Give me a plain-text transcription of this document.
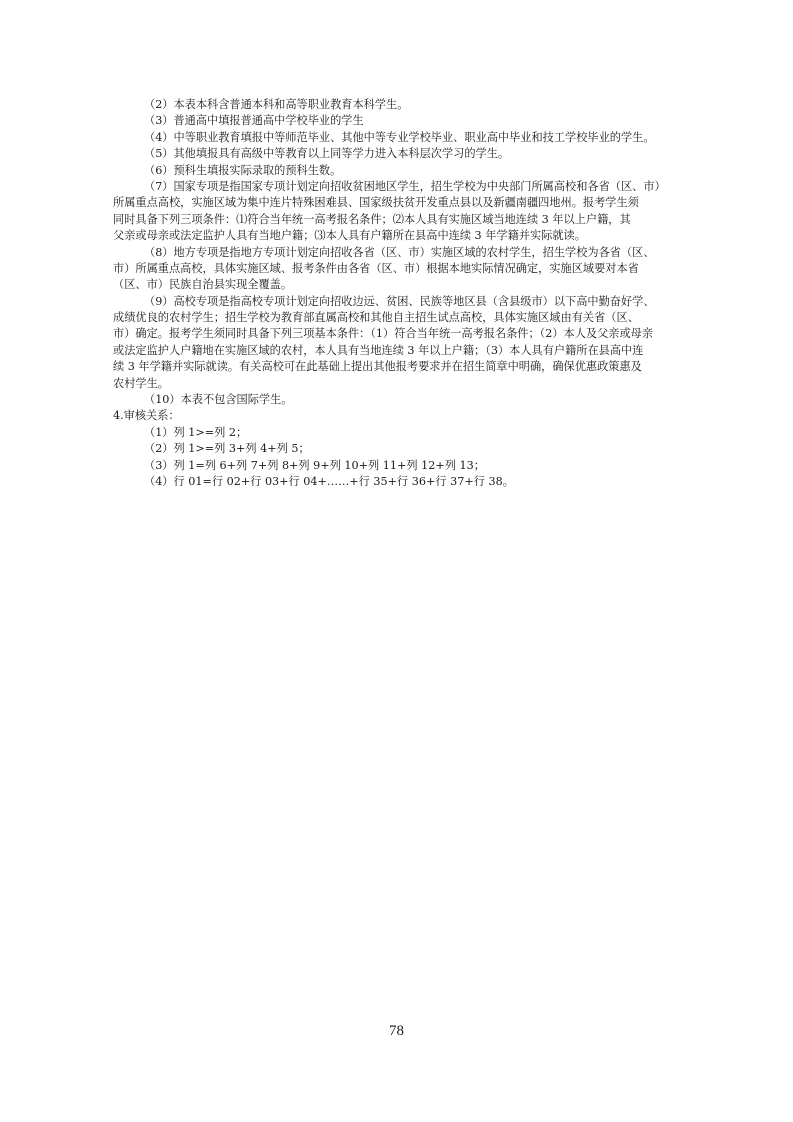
（2）本表本科含普通本科和高等职业教育本科学生。
（3）普通高中填报普通高中学校毕业的学生
（4）中等职业教育填报中等师范毕业、其他中等专业学校毕业、职业高中毕业和技工学校毕业的学生。
（5）其他填报具有高级中等教育以上同等学力进入本科层次学习的学生。
（6）预科生填报实际录取的预科生数。
（7）国家专项是指国家专项计划定向招收贫困地区学生，招生学校为中央部门所属高校和各省（区、市）
所属重点高校，实施区域为集中连片特殊困难县、国家级扶贫开发重点县以及新疆南疆四地州。报考学生须
同时具备下列三项条件：⑴符合当年统一高考报名条件；⑵本人具有实施区域当地连续 3 年以上户籍，其
父亲或母亲或法定监护人具有当地户籍；⑶本人具有户籍所在县高中连续 3 年学籍并实际就读。
（8）地方专项是指地方专项计划定向招收各省（区、市）实施区域的农村学生，招生学校为各省（区、
市）所属重点高校，具体实施区域、报考条件由各省（区、市）根据本地实际情况确定，实施区域要对本省
（区、市）民族自治县实现全覆盖。
（9）高校专项是指高校专项计划定向招收边远、贫困、民族等地区县（含县级市）以下高中勤奋好学、
成绩优良的农村学生；招生学校为教育部直属高校和其他自主招生试点高校，具体实施区域由有关省（区、
市）确定。报考学生须同时具备下列三项基本条件：（1）符合当年统一高考报名条件；（2）本人及父亲或母亲
或法定监护人户籍地在实施区域的农村，本人具有当地连续 3 年以上户籍；（3）本人具有户籍所在县高中连
续 3 年学籍并实际就读。有关高校可在此基础上提出其他报考要求并在招生简章中明确，确保优惠政策惠及
农村学生。
（10）本表不包含国际学生。
4.审核关系：
（1）列 1>=列 2；
（2）列 1>=列 3+列 4+列 5；
（3）列 1=列 6+列 7+列 8+列 9+列 10+列 11+列 12+列 13；
（4）行 01=行 02+行 03+行 04+……+行 35+行 36+行 37+行 38。
78
